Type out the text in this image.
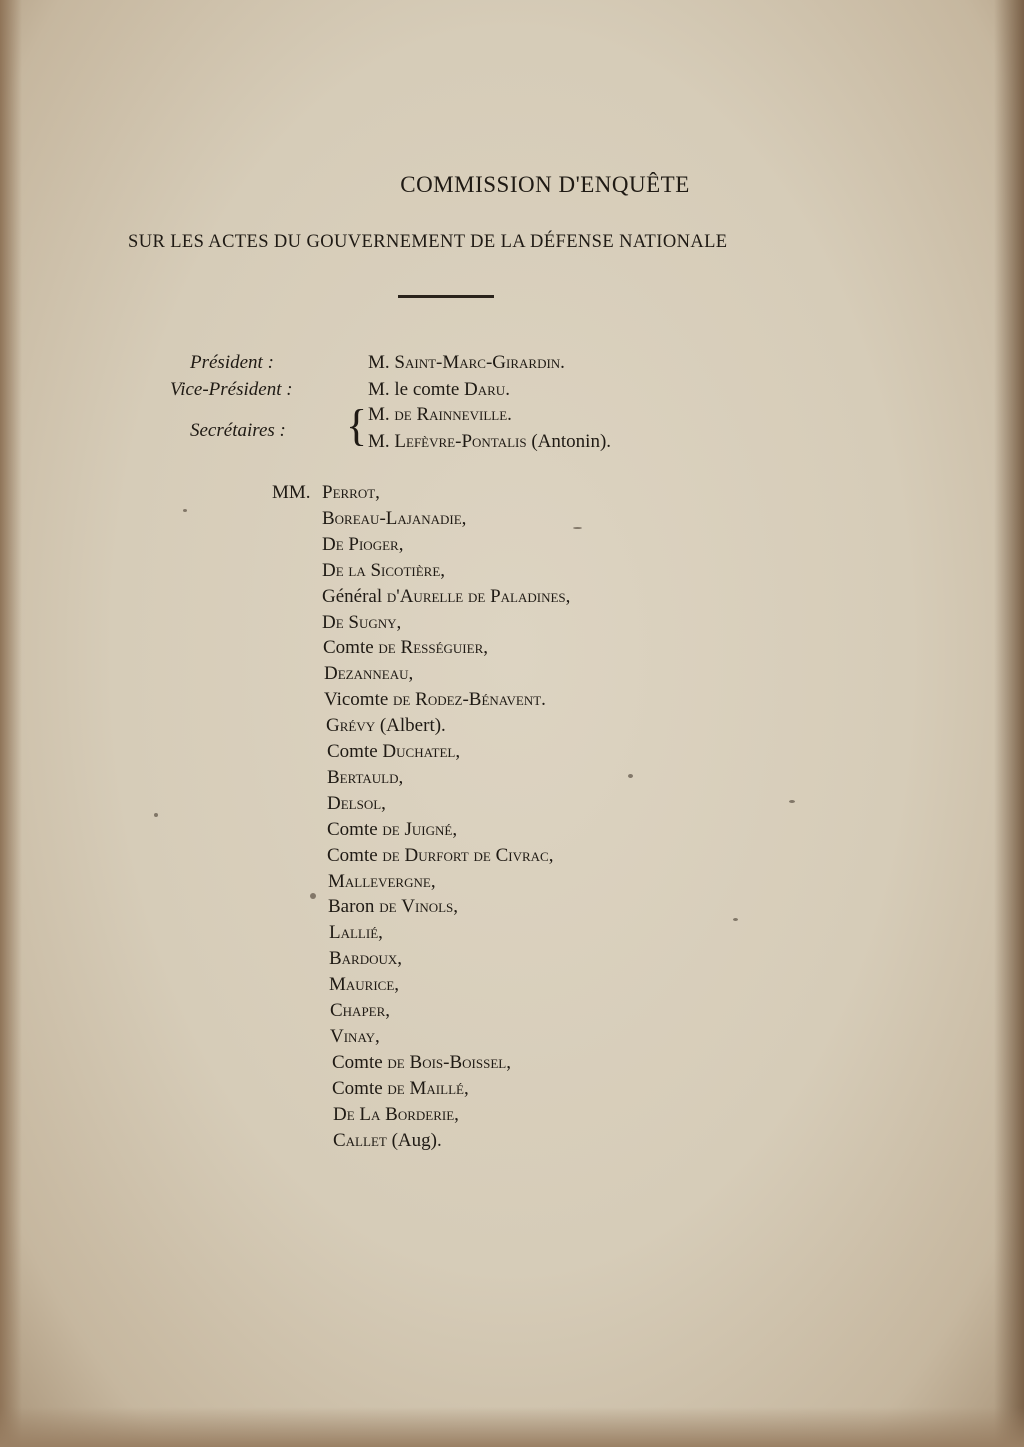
COMMISSION D'ENQUÊTE
SUR LES ACTES DU GOUVERNEMENT DE LA DÉFENSE NATIONALE
Président :	M. Saint-Marc-Girardin.
Vice-Président :	M. le comte Daru.
Secrétaires : { M. de Rainneville.
M. Lefèvre-Pontalis (Antonin).
MM. Perrot,
Boreau-Lajanadie,
De Pioger,
De la Sicotière,
Général d'Aurelle de Paladines,
De Sugny,
Comte de Rességuier,
Dezanneau,
Vicomte de Rodez-Bénavent.
Grévy (Albert).
Comte Duchatel,
Bertauld,
Delsol,
Comte de Juigné,
Comte de Durfort de Civrac,
Mallevergne,
Baron de Vinols,
Lallié,
Bardoux,
Maurice,
Chaper,
Vinay,
Comte de Bois-Boissel,
Comte de Maillé,
De La Borderie,
Callet (Aug).
